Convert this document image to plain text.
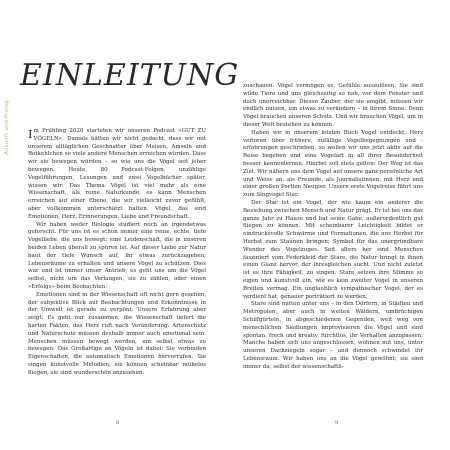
Ankunft und Prolog
EINLEITUNG

Im Frühling 2020 starteten wir unseren Podcast »GUT ZU VÖGELN«. Damals hätten wir nicht gedacht, dass wir mit unserem alltäglichen Geschnatter über Meisen, Amseln und Rotkehlchen so viele andere Menschen erreichen würden. Dass wir sie bewegen würden – so wie uns die Vögel seit jeher bewegen. Heute, 80 Podcast-Folgen, unzählige Vogelführungen, Lesungen und zwei Vogelbücher später, wissen wir: Das Thema Vögel ist viel mehr als eine Wissenschaft, als reine Naturkunde, es kann Menschen erreichen auf einer Ebene, die wir vielleicht zuvor gefühlt, aber vollkommen unterschätzt hatten. Vögel, das sind Emotionen, Herz, Erinnerungen, Liebe und Freundschaft.

Wir haben weder Biologie studiert noch an irgendetwas geforscht. Für uns ist es schon immer eine reine, echte, tiefe Vogelliebe, die uns bewegt; eine Leidenschaft, die in unseren beiden Leben überall zu spüren ist. Auf dieser Liebe zur Natur baut der tiefe Wunsch auf, ihr etwas zurückzugeben; Lebensräume zu erhalten und unsere Vögel zu schützen. Dies war und ist immer unser Antrieb, es geht uns um die Vögel selbst, nicht um das Verlangen, sie zu zählen, oder einen »Erfolgs«-beim Beobachten.

Emotionen sind in der Wissenschaft oft nicht gern gesehen, der subjektive Blick auf Beobachtungen und Erkenntnisse in der Umwelt ist gerade zu verpönt. Unsere Erfahrung aber zeigt: Es geht nur zusammen, die Wissenschaft liefert die harten Fakten, das Herz ruft nach Veränderung. Artenschutz und Naturschutz müssen deshalb immer auch emotional sein. Menschen müssen bewegt werden, um selbst etwas zu bewegen. Das Großartige an Vögeln ist dabei: Sie verbinden Eigenschaften, die automatisch Emotionen hervorrufen. Sie singen kunstvolle Melodien, sie können scheinbar mühelos fliegen, sie sind wunderschön anzusehen.

8

zuschauen. Vögel vermögen es, Gefühle auszulösen. Sie sind wilde Tiere und uns gleichzeitig so nah, vor dem Fenster und doch unerreichbar. Diesen Zauber, der sie umgibt, müssen wir endlich nutzen, um etwas zu verändern – in ihrem Sinne. Denn Vögel brauchen unseren Schutz. Und wir brauchen Vögel, um in dieser Welt bestehen zu können.

Haben wir in unserem letzten Buch Vogel entdeckt, Herz verloren über frühere, zufällige Vogelbegegnungen und -erfahrungen geschrieben, so wollen wir uns jetzt aktiv auf die Reise begeben und eine Vogelart in all ihrer Besonderheit besser kennenlernen. Hierbei soll stets gelten: Der Weg ist das Ziel. Wir nähern uns dem Vogel auf unsere ganz persönliche Art und Weise an, als Freunde, als Journalistinnen, mit Herz und einer großen Portion Neugier. Unsere erste Vogelreise führt uns zum Singvogel Star.

Der Star ist ein Vogel, der wie kaum ein anderer die Beziehung zwischen Mensch und Natur prägt. Er ist bei uns das ganze Jahr zu Hause und hat seine Gabe, außerordentlich gut fliegen zu können. Mit scheinbarer Leichtigkeit bildet er eindrucksvolle Schwärme und Formationen, die uns Herbst für Herbst zum Staunen bringen; Symbol für das unergründbare Wunder des Vogelzuges. Seit alters her sind Menschen fasziniert vom Federkleid der Stare, die Natur bringt in ihnen einen Glanz hervor, der ihresgleichen sucht. Und nicht zuletzt ist es ihre Fähigkeit, zu singen. Stare setzen ihre Stimme so eigen und kunstvoll ein, wie es kein zweiter Vogel in unseren Breiten vermag. Ein unglaublich sympathischer Vogel, der es verdient hat, genauer porträtiert zu werden.

Stare sind mitten unter uns – in den Dörfern, in Städten und Metropolen, aber auch in weiten Wäldern, umbrüchigen Schilfgürteln, in abgeschiedenen Gegenden, weit weg von menschlichen Siedlungen improvisieren die Vögel und sind spontan, frech und kreativ, fürchtlos, ihr Verhalten anzupassen. Manche haben sich uns angeschlossen, wohnen mit uns, unter unseren Dachziegeln sogar – und dennoch schwindet ihr Lebensraum. Wir haben uns an die Vögel gewöhnt; sie sind immer da, selbst der wissenschaftli-

9
